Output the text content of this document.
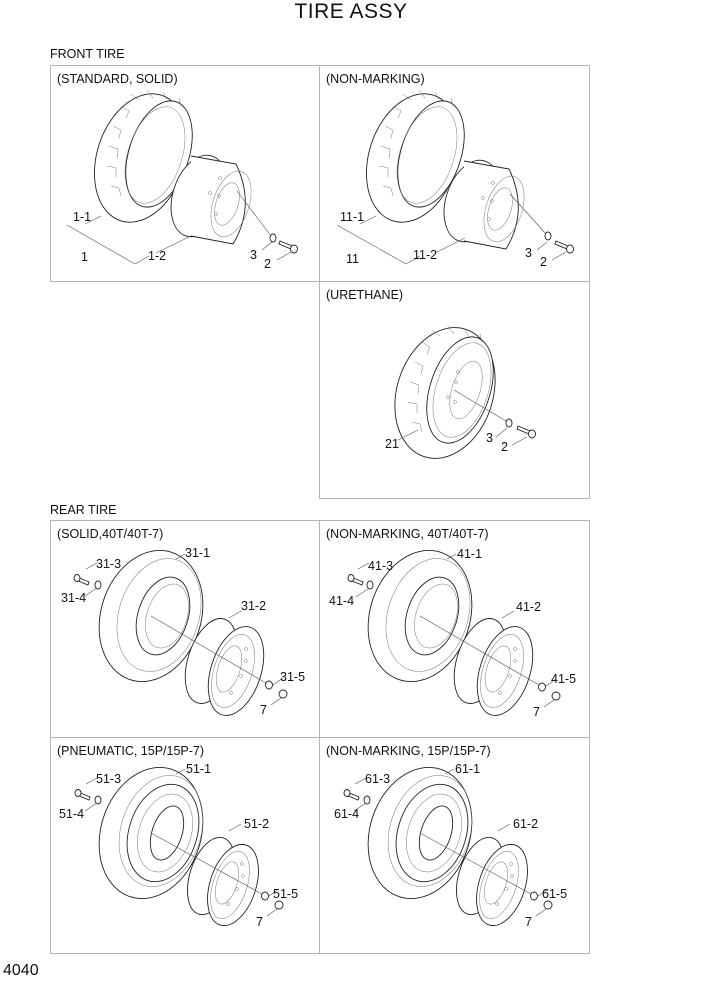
TIRE ASSY
FRONT TIRE
(STANDARD, SOLID)
1-1
1	1-2	3
2
(NON-MARKING)
11-1
11	11-2	3
2
(URETHANE)
21	3
2
REAR TIRE
(SOLID,40T/40T-7)
31-3
31-4
31-1
31-2
31-5
7
(NON-MARKING, 40T/40T-7)
41-3
41-4
41-1
41-2
41-5
7
(PNEUMATIC, 15P/15P-7)
51-3
51-4
51-1
51-2
51-5
7
(NON-MARKING, 15P/15P-7)
61-3
61-4
61-1
61-2
61-5
7
4040
